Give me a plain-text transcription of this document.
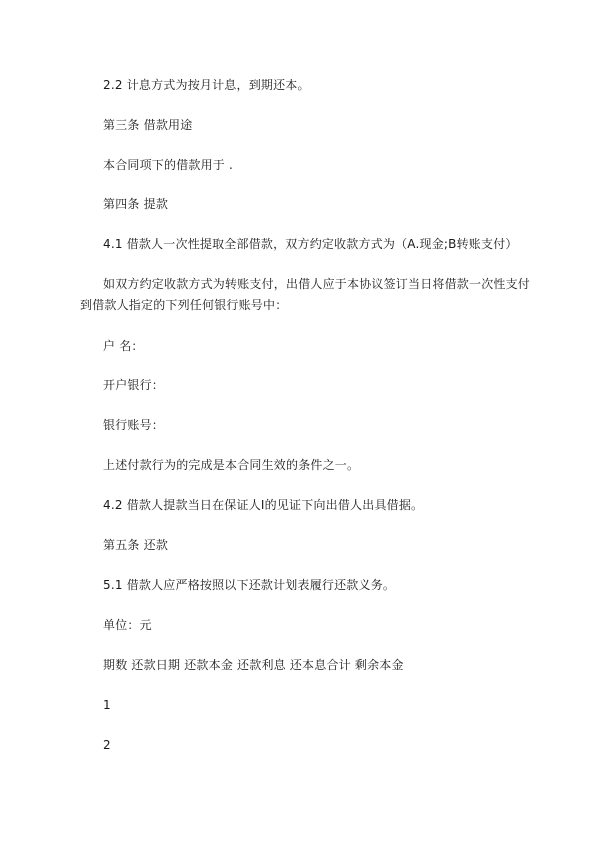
2.2 计息方式为按月计息，到期还本。
第三条 借款用途
本合同项下的借款用于 .
第四条 提款
4.1 借款人一次性提取全部借款，双方约定收款方式为（A.现金;B转账支付）
如双方约定收款方式为转账支付，出借人应于本协议签订当日将借款一次性支付
到借款人指定的下列任何银行账号中：
户 名：
开户银行：
银行账号：
上述付款行为的完成是本合同生效的条件之一。
4.2 借款人提款当日在保证人I的见证下向出借人出具借据。
第五条 还款
5.1 借款人应严格按照以下还款计划表履行还款义务。
单位：元
期数 还款日期 还款本金 还款利息 还本息合计 剩余本金
1
2
